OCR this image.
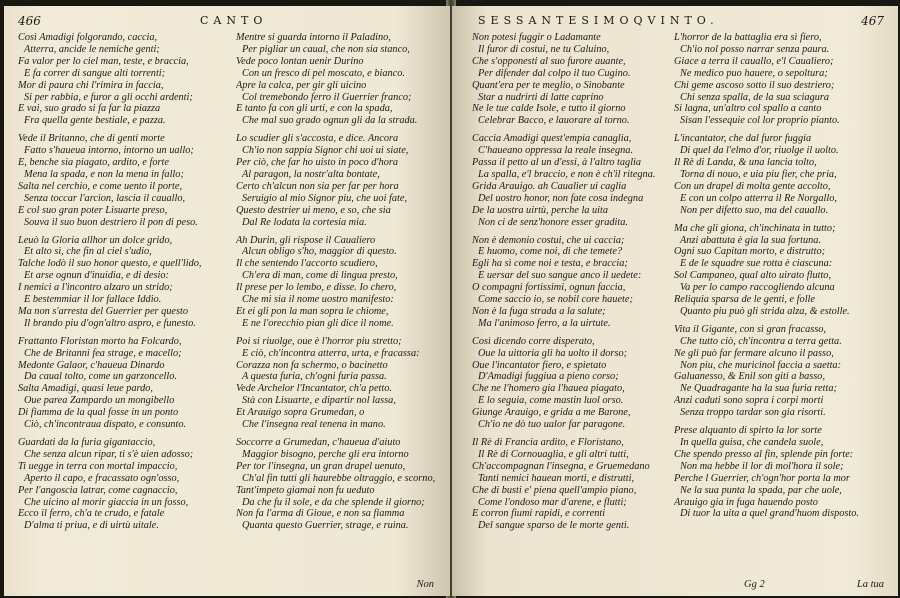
466	CANTO
Così Amadigi folgorando, caccia,
Atterra, ancide le nemiche genti;
Fa valor per lo ciel man, teste, e braccia,
E fa correr di sangue alti torrenti;
Mor di paura chi l'rimira in faccia,
Si per rabbia, e furor a gli occhi ardenti;
E vai, suo grado si fa far la piazza
Fra quella gente bestiale, e pazza.
Vede il Britanno, che di genti morte
Fatto s'haueua intorno, intorno un uallo;
E, benche sia piagato, ardito, e forte
Mena la spada, e non la mena in fallo;
Salta nel cerchio, e come uento il porte,
Senza toccar l'arcion, lascia il cauallo,
E col suo gran poter Lisuarte preso,
Souva il suo buon destriero il pon di peso.
Leuò la Gloria allhor un dolce grido,
Et alto sì, che fin al ciel s'udio,
Talche lodò il suo honor questo, e quell'lido,
Et arse ognun d'inuidia, e di desio:
I nemici a l'incontro alzaro un strido;
E bestemmiar il lor fallace Iddio.
Ma non s'arresta del Guerrier per questo
Il brando piu d'ogn'altro aspro, e funesto.
Frattanto Floristan morto ha Folcardo,
Che de Britanni fea strage, e macello;
Medonte Galaor, c'haueua Dinardo
Da caual tolto, come un garzoncello.
Salta Amadigi, quasi leue pardo,
Oue parea Zampardo un mongibello
Di fiamma de la qual fosse in un ponto
Ciò, ch'incontraua dispato, e consunto.
Guardati da la furia gigantaccio,
Che senza alcun ripar, ti s'è uien adosso;
Ti uegge in terra con mortal impaccio,
Aperto il capo, e fracassato ogn'osso,
Per l'angoscia latrar, come cagnaccio,
Che uicino al morir giaccia in un fosso,
Ecco il ferro, ch'a te crudo, e fatale
D'alma ti priua, e di uirtù uitale.
Mentre si guarda intorno il Paladino,
Per pigliar un caual, che non sia stanco,
Vede poco lontan uenir Durino
Con un fresco di pel moscato, e bianco.
Apre la calca, per gir gli uicino
Col tremebondo ferro il Guerrier franco;
E tanto fa con gli urti, e con la spada,
Che mal suo grado ognun gli da la strada.
Lo scudier gli s'accosta, e dice. Ancora
Ch'io non sappia Signor chi uoi ui siate,
Per ciò, che far ho uisto in poco d'hora
Al paragon, la nostr'alta bontate,
Certo ch'alcun non sia per far per hora
Seruigio al mio Signor piu, che uoi fate,
Questo destrier ui meno, e so, che sia
Dal Re lodata la cortesia mia.
Ah Durin, gli rispose il Caualiero
Alcun obligo s'ho, maggior di questo.
Il che sentendo l'accorto scudiero,
Ch'era di man, come di lingua presto,
Il prese per lo lembo, e disse. Io chero,
Che mi sia il nome uostro manifesto:
Et ei gli pon la man sopra le chiome,
E ne l'orecchio pian gli dice il nome.
Poi si riuolge, oue è l'horror piu stretto;
E ciò, ch'incontra atterra, urta, e fracassa:
Corazza non fa schermo, o bacinetto
A questa furia, ch'ogni furia passa.
Vede Archelor l'Incantator, ch'a petto.
Stà con Lisuarte, e dipartir nol lassa,
Et Arauigo sopra Grumedan, o
Che l'insegna real tenena in mano.
Soccorre a Grumedan, c'haueua d'aiuto
Maggior bisogno, perche gli era intorno
Per tor l'insegna, un gran drapel uenuto,
Ch'al fin tutti gli haurebbe oltraggio, e scorno,
Tant'impeto giamai non fu ueduto
Da che fu il sole, e da che splende il giorno;
Non fa l'arma di Gioue, e non sa fiamma
Quanta questo Guerrier, strage, e ruina.
Non
SESSANTESIMOQVINTO.	467
Non potesi fuggir o Ladamante
Il furor di costui, ne tu Caluino,
Che s'opponesti al suo furore auante,
Per difender dal colpo il tuo Cugino.
Quant'era per te meglio, o Sinobante
Star a nudrirti di latte caprino
Ne le tue calde Isole, e tutto il giorno
Celebrar Bacco, e lauorare al torno.
Caccia Amadigi quest'empia canaglia,
C'haueano oppressa la reale insegna.
Passa il petto al un d'essi, à l'altro taglia
La spalla, e'l braccio, e non è ch'il ritegna.
Grida Arauigo. ah Caualier ui caglia
Del uostro honor, non fate cosa indegna
De la uostra uirtù, perche la uita
Non ci de senz'honore esser gradita.
Non è demonio costui, che ui caccia;
E huomo, come noi, di che temete?
Egli ha sì come noi e testa, e braccia;
E uersar del suo sangue anco il uedete:
O compagni fortissimi, ognun faccia,
Come saccio io, se nobil core hauete;
Non è la fuga strada a la salute;
Ma l'animoso ferro, a la uirtute.
Così dicendo corre disperato,
Oue la uittoria gli ha uolto il dorso;
Oue l'incantator fiero, e spietato
D'Amadigi fuggiua a pieno corso;
Che ne l'homero gia l'hauea piagato,
E lo seguia, come mastin luol orso.
Giunge Arauigo, e grida a me Barone,
Ch'io ne dò tuo ualor far paragone.
Il Rè di Francia ardito, e Floristano,
Il Rè di Cornouaglia, e gli altri tutti,
Ch'accompagnan l'insegna, e Gruemedano
Tanti nemici hauean morti, e distrutti,
Che di busti e' piena quell'ampio piano,
Come l'ondoso mar d'arene, e flutti;
E corron fiumi rapidi, e correnti
Del sangue sparso de le morte genti.
L'horror de la battaglia era sì fiero,
Ch'io nol posso narrar senza paura.
Giace a terra il cauallo, e'l Caualiero;
Ne medico puo hauere, o sepoltura;
Chi geme ascoso sotto il suo destriero;
Chi senza spalla, de la sua sciagura
Si lagna, un'altro col spallo a canto
Sisan l'essequie col lor proprio pianto.
L'incantator, che dal furor fuggia
Di quel da l'elmo d'or, riuolge il uolto.
Il Rè di Landa, & una lancia tolto,
Torna di nouo, e uia piu fier, che pria,
Con un drapel di molta gente accolto,
E con un colpo atterra il Re Norgallo,
Non per difetto suo, ma del cauallo.
Ma che gli giona, ch'inchinata in tutto;
Anzi abattuta è gia la sua fortuna.
Ogni suo Capitan morto, e distrutto;
E de le squadre sue rotta è ciascuna:
Sol Campaneo, qual alto uirato flutto,
Va per lo campo raccogliendo alcuna
Reliquia sparsa de le genti, e folle
Quanto piu può gli strida alza, & estolle.
Vita il Gigante, con sì gran fracasso,
Che tutto ciò, ch'incontra a terra getta.
Ne gli può far fermare alcuno il passo,
Non piu, che muricinol faccia a saetta:
Galuanesso, & Enil son giti a basso,
Ne Quadragante ha la sua furia retta;
Anzi caduti sono sopra i corpi morti
Senza troppo tardar son gia risorti.
Prese alquanto di spirto la lor sorte
In quella guisa, che candela suole,
Che spendo presso al fin, splende pin forte:
Non ma hebbe il lor dì mol'hora il sole;
Perche l Guerrier, ch'ogn'hor porta la mor
Ne la sua punta la spada, par che uole,
Arauigo gia in fuga hauendo posto
Di tuor la uita a quel grand'huom disposto.
Gg 2	La tua
